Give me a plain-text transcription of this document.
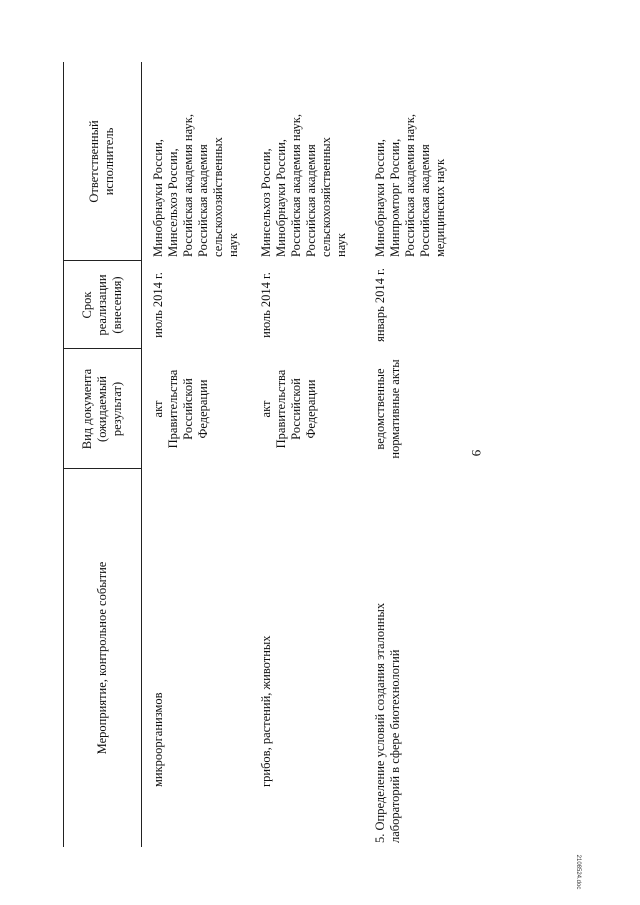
9
Мероприятие, контрольное событие
Вид документа (ожидаемый результат)
Срок реализации (внесения)
Ответственный исполнитель
микроорганизмов
акт Правительства Российской Федерации
июль 2014 г.
Минобрнауки России, Минсельхоз России, Российская академия наук, Российская академия сельскохозяйственных наук
грибов, растений, животных
акт Правительства Российской Федерации
июль 2014 г.
Минсельхоз России, Минобрнауки России, Российская академия наук, Российская академия сельскохозяйственных наук
5. Определение условий создания эталонных лабораторий в сфере биотехнологий
ведомственные нормативные акты
январь 2014 г.
Минобрнауки России, Минпромторг России, Российская академия наук, Российская академия медицинских наук
2108524.doc
